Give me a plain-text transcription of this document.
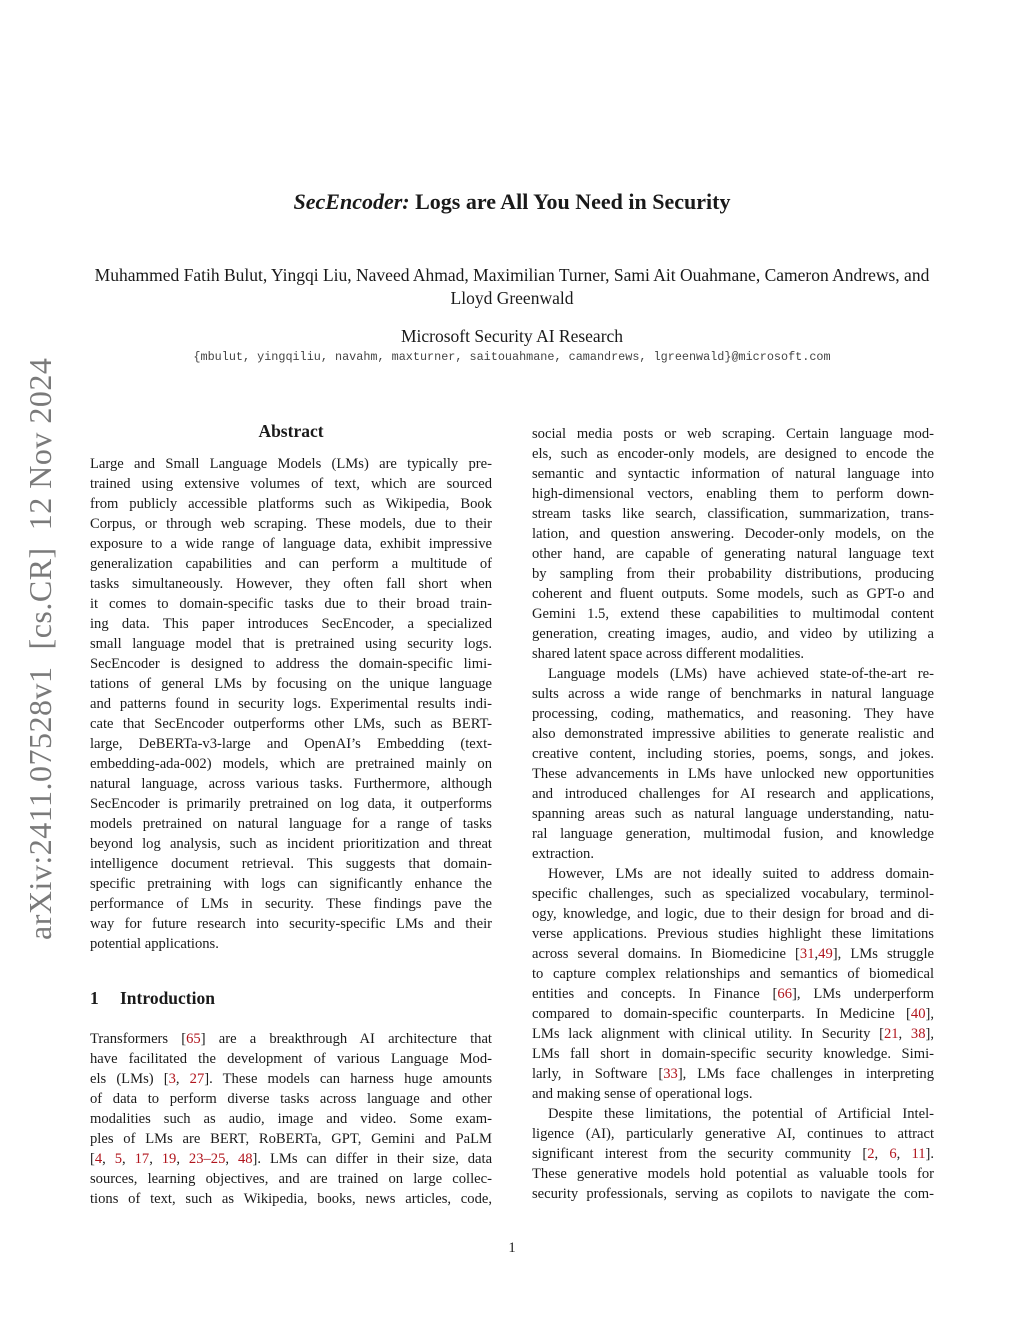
arXiv:2411.07528v1  [cs.CR]  12 Nov 2024
SecEncoder: Logs are All You Need in Security
Muhammed Fatih Bulut, Yingqi Liu, Naveed Ahmad, Maximilian Turner, Sami Ait Ouahmane, Cameron Andrews, and Lloyd Greenwald
Microsoft Security AI Research
{mbulut, yingqiliu, navahm, maxturner, saitouahmane, camandrews, lgreenwald}@microsoft.com
Abstract
Large and Small Language Models (LMs) are typically pre-
trained using extensive volumes of text, which are sourced
from publicly accessible platforms such as Wikipedia, Book
Corpus, or through web scraping. These models, due to their
exposure to a wide range of language data, exhibit impressive
generalization capabilities and can perform a multitude of
tasks simultaneously. However, they often fall short when
it comes to domain-specific tasks due to their broad train-
ing data. This paper introduces SecEncoder, a specialized
small language model that is pretrained using security logs.
SecEncoder is designed to address the domain-specific limi-
tations of general LMs by focusing on the unique language
and patterns found in security logs. Experimental results indi-
cate that SecEncoder outperforms other LMs, such as BERT-
large, DeBERTa-v3-large and OpenAI’s Embedding (text-
embedding-ada-002) models, which are pretrained mainly on
natural language, across various tasks. Furthermore, although
SecEncoder is primarily pretrained on log data, it outperforms
models pretrained on natural language for a range of tasks
beyond log analysis, such as incident prioritization and threat
intelligence document retrieval. This suggests that domain-
specific pretraining with logs can significantly enhance the
performance of LMs in security. These findings pave the
way for future research into security-specific LMs and their
potential applications.
1 Introduction
Transformers [65] are a breakthrough AI architecture that
have facilitated the development of various Language Mod-
els (LMs) [3, 27]. These models can harness huge amounts
of data to perform diverse tasks across language and other
modalities such as audio, image and video. Some exam-
ples of LMs are BERT, RoBERTa, GPT, Gemini and PaLM
[4, 5, 17, 19, 23–25, 48]. LMs can differ in their size, data
sources, learning objectives, and are trained on large collec-
tions of text, such as Wikipedia, books, news articles, code,
social media posts or web scraping. Certain language mod-
els, such as encoder-only models, are designed to encode the
semantic and syntactic information of natural language into
high-dimensional vectors, enabling them to perform down-
stream tasks like search, classification, summarization, trans-
lation, and question answering. Decoder-only models, on the
other hand, are capable of generating natural language text
by sampling from their probability distributions, producing
coherent and fluent outputs. Some models, such as GPT-o and
Gemini 1.5, extend these capabilities to multimodal content
generation, creating images, audio, and video by utilizing a
shared latent space across different modalities.
Language models (LMs) have achieved state-of-the-art re-
sults across a wide range of benchmarks in natural language
processing, coding, mathematics, and reasoning. They have
also demonstrated impressive abilities to generate realistic and
creative content, including stories, poems, songs, and jokes.
These advancements in LMs have unlocked new opportunities
and introduced challenges for AI research and applications,
spanning areas such as natural language understanding, natu-
ral language generation, multimodal fusion, and knowledge
extraction.
However, LMs are not ideally suited to address domain-
specific challenges, such as specialized vocabulary, terminol-
ogy, knowledge, and logic, due to their design for broad and di-
verse applications. Previous studies highlight these limitations
across several domains. In Biomedicine [31,49], LMs struggle
to capture complex relationships and semantics of biomedical
entities and concepts. In Finance [66], LMs underperform
compared to domain-specific counterparts. In Medicine [40],
LMs lack alignment with clinical utility. In Security [21, 38],
LMs fall short in domain-specific security knowledge. Simi-
larly, in Software [33], LMs face challenges in interpreting
and making sense of operational logs.
Despite these limitations, the potential of Artificial Intel-
ligence (AI), particularly generative AI, continues to attract
significant interest from the security community [2, 6, 11].
These generative models hold potential as valuable tools for
security professionals, serving as copilots to navigate the com-
1
